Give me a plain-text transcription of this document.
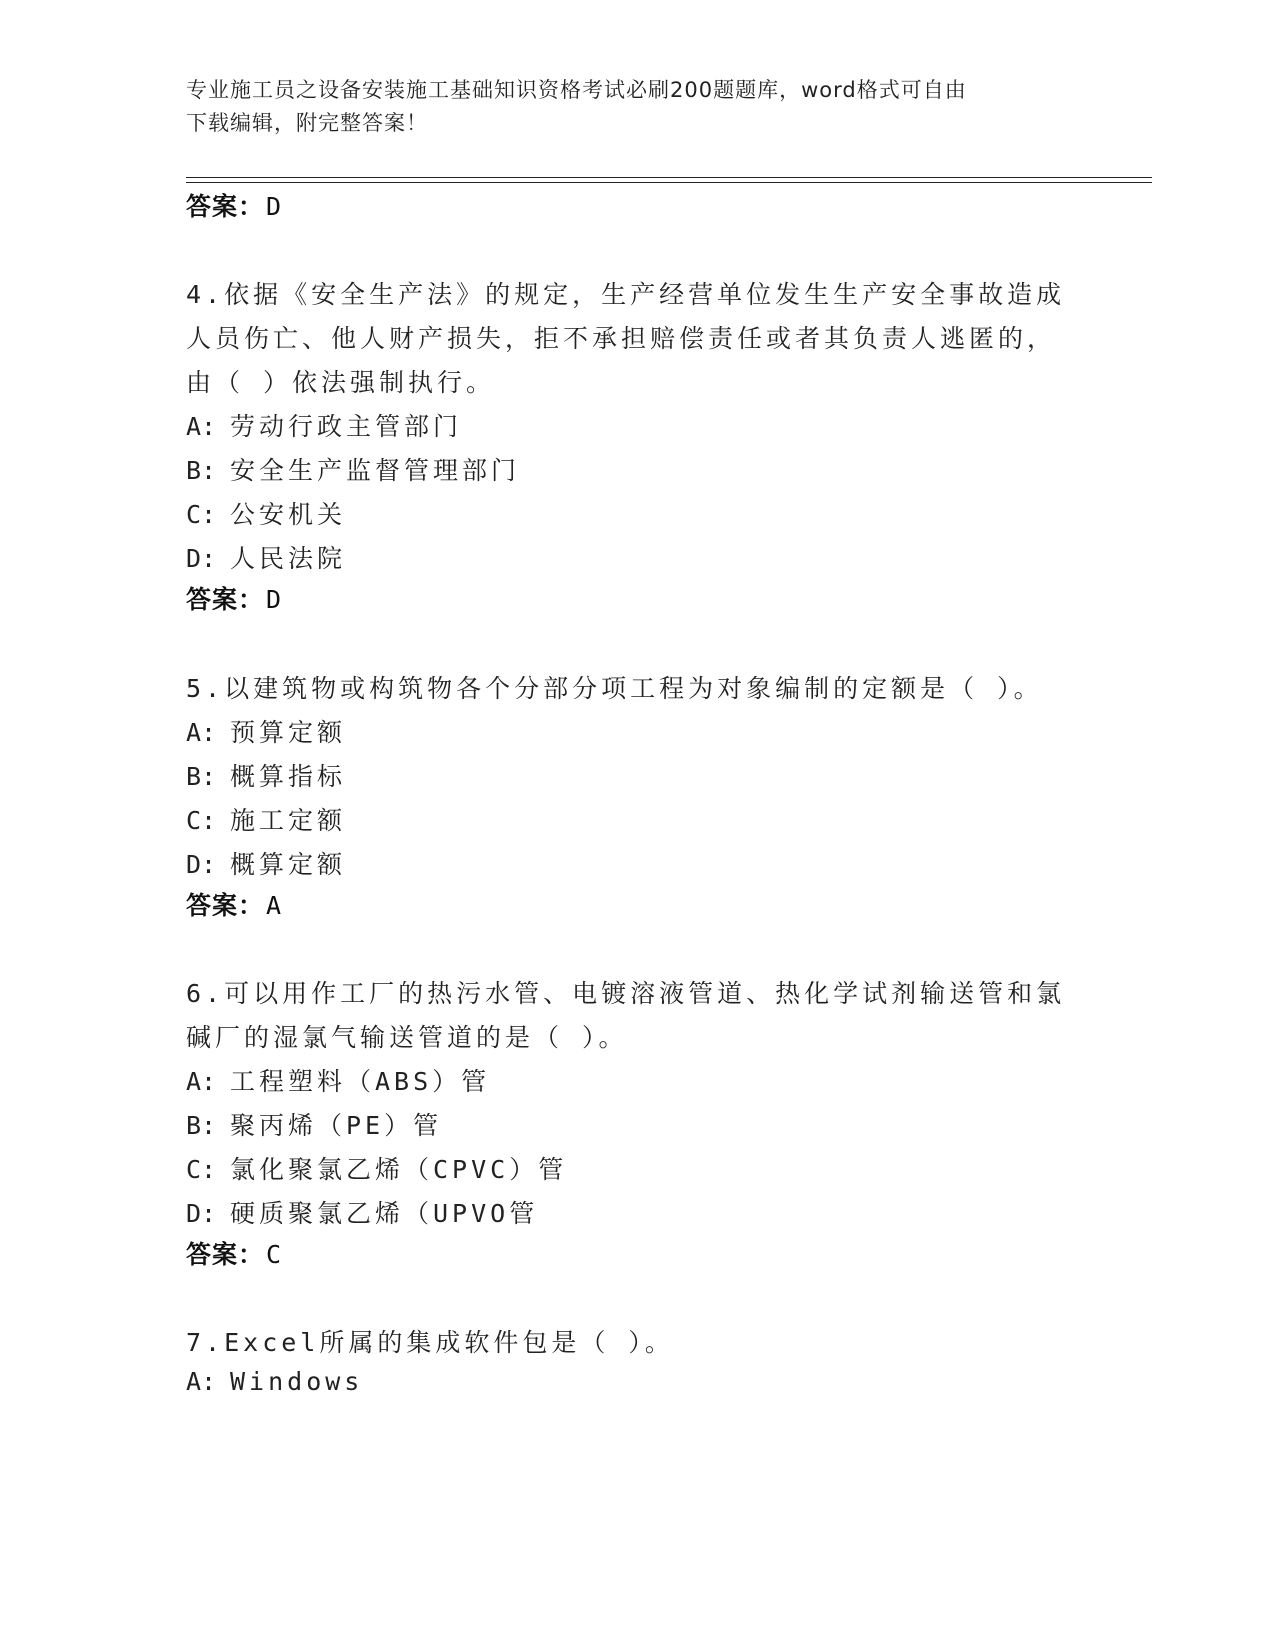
专业施工员之设备安装施工基础知识资格考试必刷200题题库，word格式可自由
下载编辑，附完整答案！
答案：D
4.依据《安全生产法》的规定，生产经营单位发生生产安全事故造成
人员伤亡、他人财产损失，拒不承担赔偿责任或者其负责人逃匿的，
由（ ）依法强制执行。
A: 劳动行政主管部门
B: 安全生产监督管理部门
C: 公安机关
D: 人民法院
答案：D
5.以建筑物或构筑物各个分部分项工程为对象编制的定额是（ ）。
A: 预算定额
B: 概算指标
C: 施工定额
D: 概算定额
答案：A
6.可以用作工厂的热污水管、电镀溶液管道、热化学试剂输送管和氯
碱厂的湿氯气输送管道的是（ ）。
A: 工程塑料（ABS）管
B: 聚丙烯（PE）管
C: 氯化聚氯乙烯（CPVC）管
D: 硬质聚氯乙烯（UPVO管
答案：C
7.Excel所属的集成软件包是（ ）。
A: Windows
